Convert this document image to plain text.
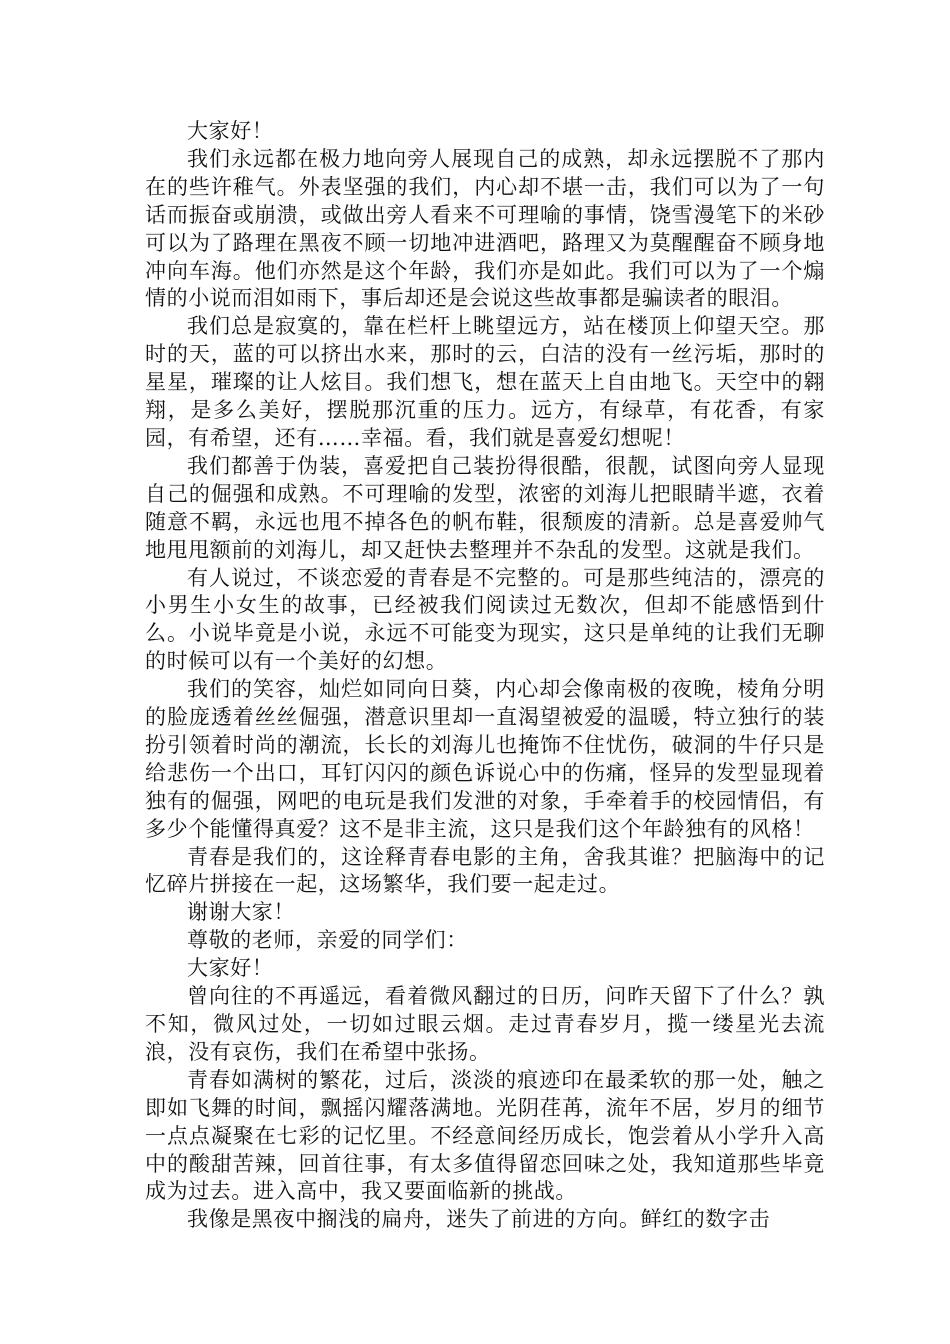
大家好！

我们永远都在极力地向旁人展现自己的成熟，却永远摆脱不了那内在的些许稚气。外表坚强的我们，内心却不堪一击，我们可以为了一句话而振奋或崩溃，或做出旁人看来不可理喻的事情，饶雪漫笔下的米砂可以为了路理在黑夜不顾一切地冲进酒吧，路理又为莫醒醒奋不顾身地冲向车海。他们亦然是这个年龄，我们亦是如此。我们可以为了一个煽情的小说而泪如雨下，事后却还是会说这些故事都是骗读者的眼泪。

我们总是寂寞的，靠在栏杆上眺望远方，站在楼顶上仰望天空。那时的天，蓝的可以挤出水来，那时的云，白洁的没有一丝污垢，那时的星星，璀璨的让人炫目。我们想飞，想在蓝天上自由地飞。天空中的翱翔，是多么美好，摆脱那沉重的压力。远方，有绿草，有花香，有家园，有希望，还有……幸福。看，我们就是喜爱幻想呢！

我们都善于伪装，喜爱把自己装扮得很酷，很靓，试图向旁人显现自己的倔强和成熟。不可理喻的发型，浓密的刘海儿把眼睛半遮，衣着随意不羁，永远也甩不掉各色的帆布鞋，很颓废的清新。总是喜爱帅气地甩甩额前的刘海儿，却又赶快去整理并不杂乱的发型。这就是我们。

有人说过，不谈恋爱的青春是不完整的。可是那些纯洁的，漂亮的小男生小女生的故事，已经被我们阅读过无数次，但却不能感悟到什么。小说毕竟是小说，永远不可能变为现实，这只是单纯的让我们无聊的时候可以有一个美好的幻想。

我们的笑容，灿烂如同向日葵，内心却会像南极的夜晚，棱角分明的脸庞透着丝丝倔强，潜意识里却一直渴望被爱的温暖，特立独行的装扮引领着时尚的潮流，长长的刘海儿也掩饰不住忧伤，破洞的牛仔只是给悲伤一个出口，耳钉闪闪的颜色诉说心中的伤痛，怪异的发型显现着独有的倔强，网吧的电玩是我们发泄的对象，手牵着手的校园情侣，有多少个能懂得真爱？这不是非主流，这只是我们这个年龄独有的风格！

青春是我们的，这诠释青春电影的主角，舍我其谁？把脑海中的记忆碎片拼接在一起，这场繁华，我们要一起走过。

谢谢大家！

尊敬的老师，亲爱的同学们：

大家好！

曾向往的不再遥远，看着微风翻过的日历，问昨天留下了什么？孰不知，微风过处，一切如过眼云烟。走过青春岁月，揽一缕星光去流浪，没有哀伤，我们在希望中张扬。

青春如满树的繁花，过后，淡淡的痕迹印在最柔软的那一处，触之即如飞舞的时间，飘摇闪耀落满地。光阴荏苒，流年不居，岁月的细节一点点凝聚在七彩的记忆里。不经意间经历成长，饱尝着从小学升入高中的酸甜苦辣，回首往事，有太多值得留恋回味之处，我知道那些毕竟成为过去。进入高中，我又要面临新的挑战。

我像是黑夜中搁浅的扁舟，迷失了前进的方向。鲜红的数字击
